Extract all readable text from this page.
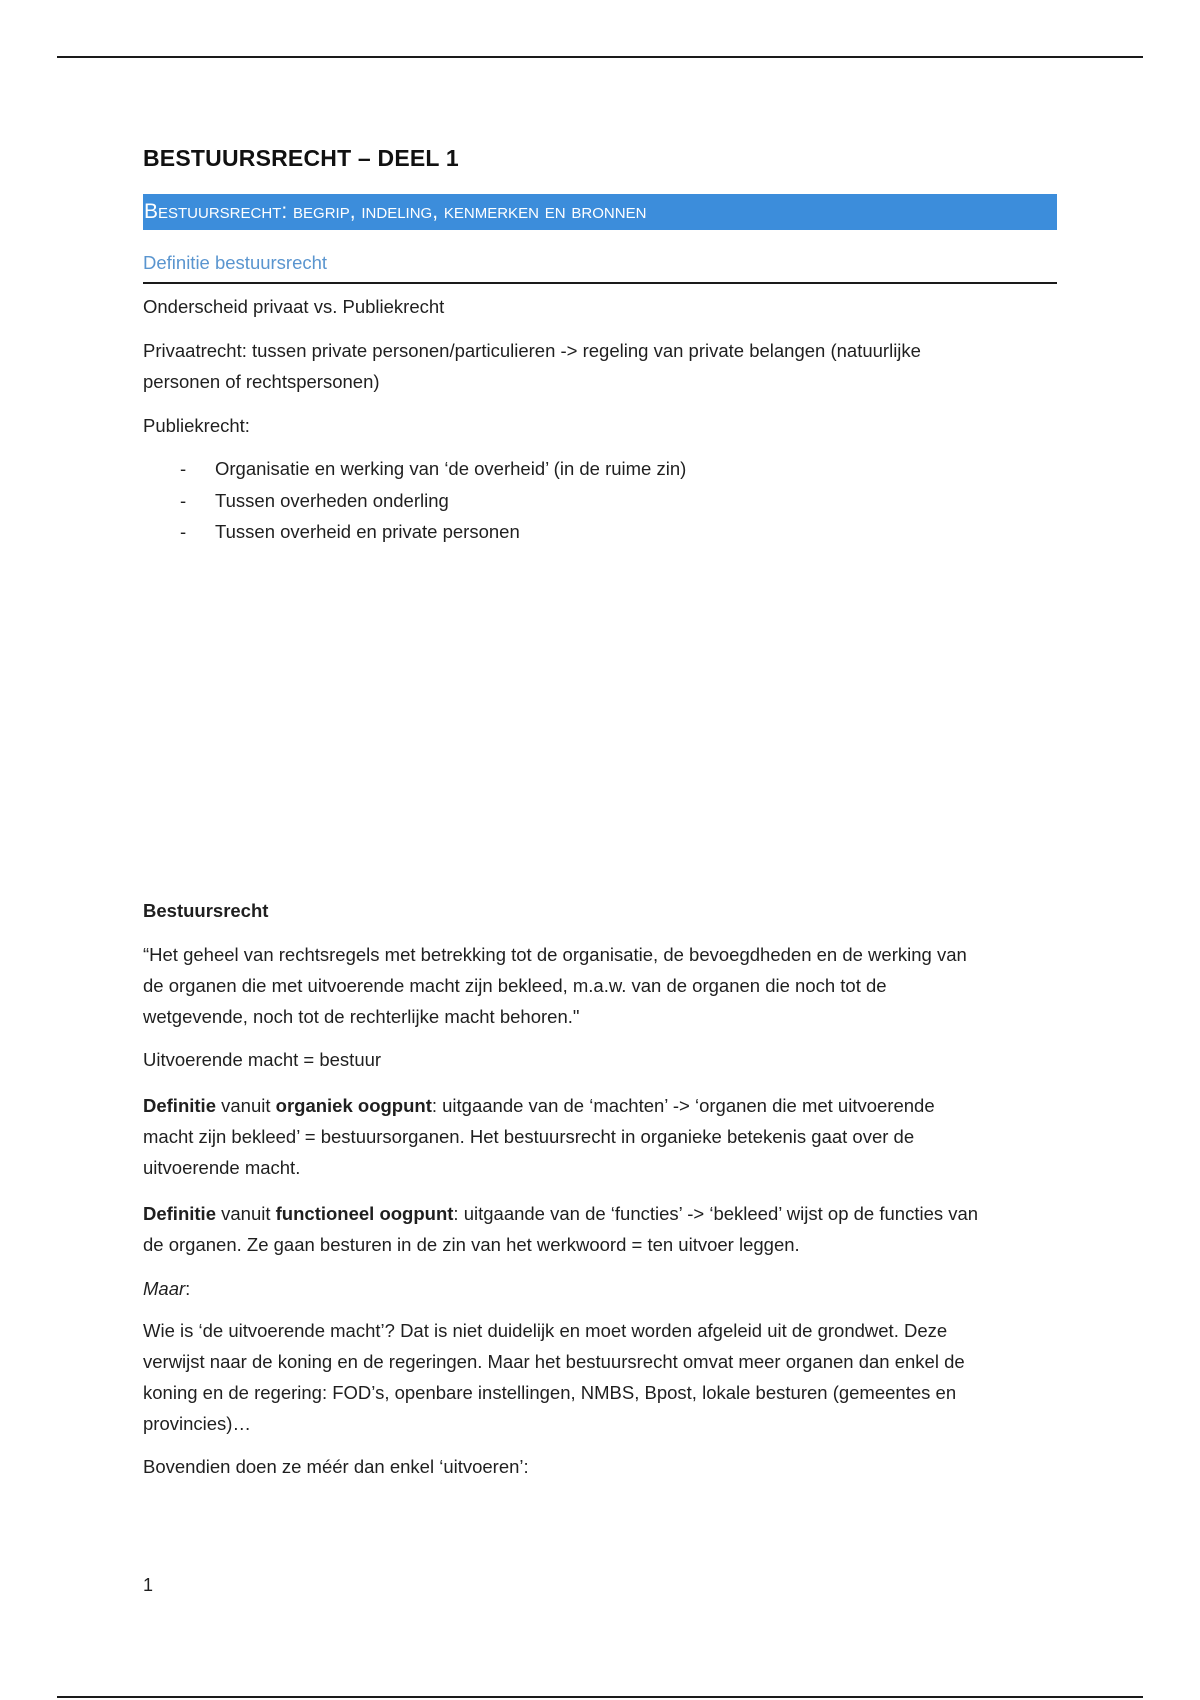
BESTUURSRECHT – DEEL 1
Bestuursrecht: begrip, indeling, kenmerken en bronnen
Definitie bestuursrecht

Onderscheid privaat vs. Publiekrecht

Privaatrecht: tussen private personen/particulieren -> regeling van private belangen (natuurlijke

personen of rechtspersonen)

Publiekrecht:

- Organisatie en werking van ‘de overheid’ (in de ruime zin)
- Tussen overheden onderling
- Tussen overheid en private personen

Bestuursrecht

“Het geheel van rechtsregels met betrekking tot de organisatie, de bevoegdheden en de werking van

de organen die met uitvoerende macht zijn bekleed, m.a.w. van de organen die noch tot de

wetgevende, noch tot de rechterlijke macht behoren."

Uitvoerende macht = bestuur

Definitie vanuit organiek oogpunt: uitgaande van de ‘machten’ -> ‘organen die met uitvoerende

macht zijn bekleed’ = bestuursorganen. Het bestuursrecht in organieke betekenis gaat over de

uitvoerende macht.

Definitie vanuit functioneel oogpunt: uitgaande van de ‘functies’ -> ‘bekleed’ wijst op de functies van

de organen. Ze gaan besturen in de zin van het werkwoord = ten uitvoer leggen.

Maar:

Wie is ‘de uitvoerende macht’? Dat is niet duidelijk en moet worden afgeleid uit de grondwet. Deze

verwijst naar de koning en de regeringen. Maar het bestuursrecht omvat meer organen dan enkel de

koning en de regering: FOD’s, openbare instellingen, NMBS, Bpost, lokale besturen (gemeentes en

provincies)…

Bovendien doen ze méér dan enkel ‘uitvoeren’:

1
